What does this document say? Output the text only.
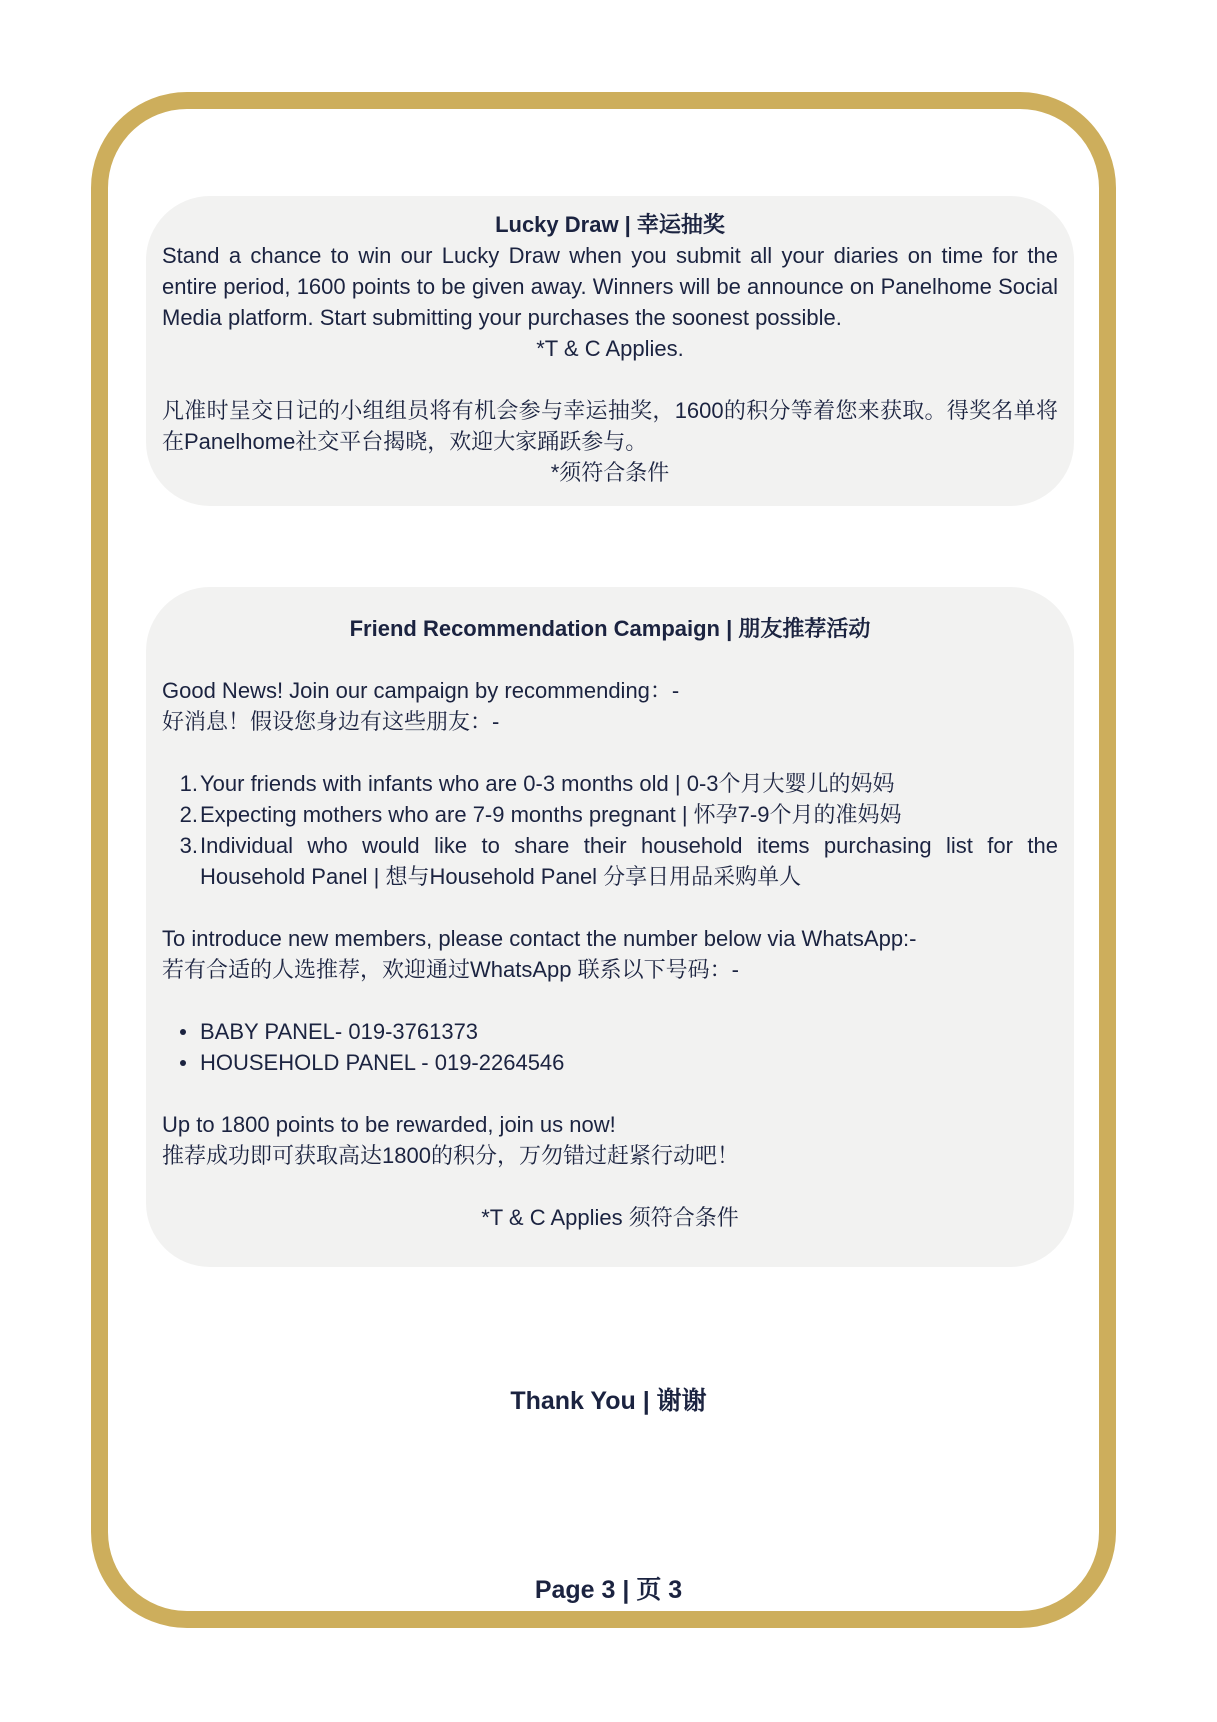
Lucky Draw | 幸运抽奖

Stand a chance to win our Lucky Draw when you submit all your diaries on time for the entire period, 1600 points to be given away. Winners will be announce on Panelhome Social Media platform. Start submitting your purchases the soonest possible.

*T & C Applies.

凡准时呈交日记的小组组员将有机会参与幸运抽奖，1600的积分等着您来获取。得奖名单将在Panelhome社交平台揭晓，欢迎大家踊跃参与。

*须符合条件

Friend Recommendation Campaign | 朋友推荐活动

Good News! Join our campaign by recommending：-

好消息！假设您身边有这些朋友：-

1. Your friends with infants who are 0-3 months old | 0-3个月大婴儿的妈妈
2. Expecting mothers who are 7-9 months pregnant | 怀孕7-9个月的准妈妈
3. Individual who would like to share their household items purchasing list for the Household Panel | 想与Household Panel 分享日用品采购单人

To introduce new members, please contact the number below via WhatsApp:-

若有合适的人选推荐，欢迎通过WhatsApp 联系以下号码：-

BABY PANEL- 019-3761373
HOUSEHOLD PANEL - 019-2264546

Up to 1800 points to be rewarded, join us now!

推荐成功即可获取高达1800的积分，万勿错过赶紧行动吧！

*T & C Applies 须符合条件

Thank You | 谢谢

Page 3 | 页 3
